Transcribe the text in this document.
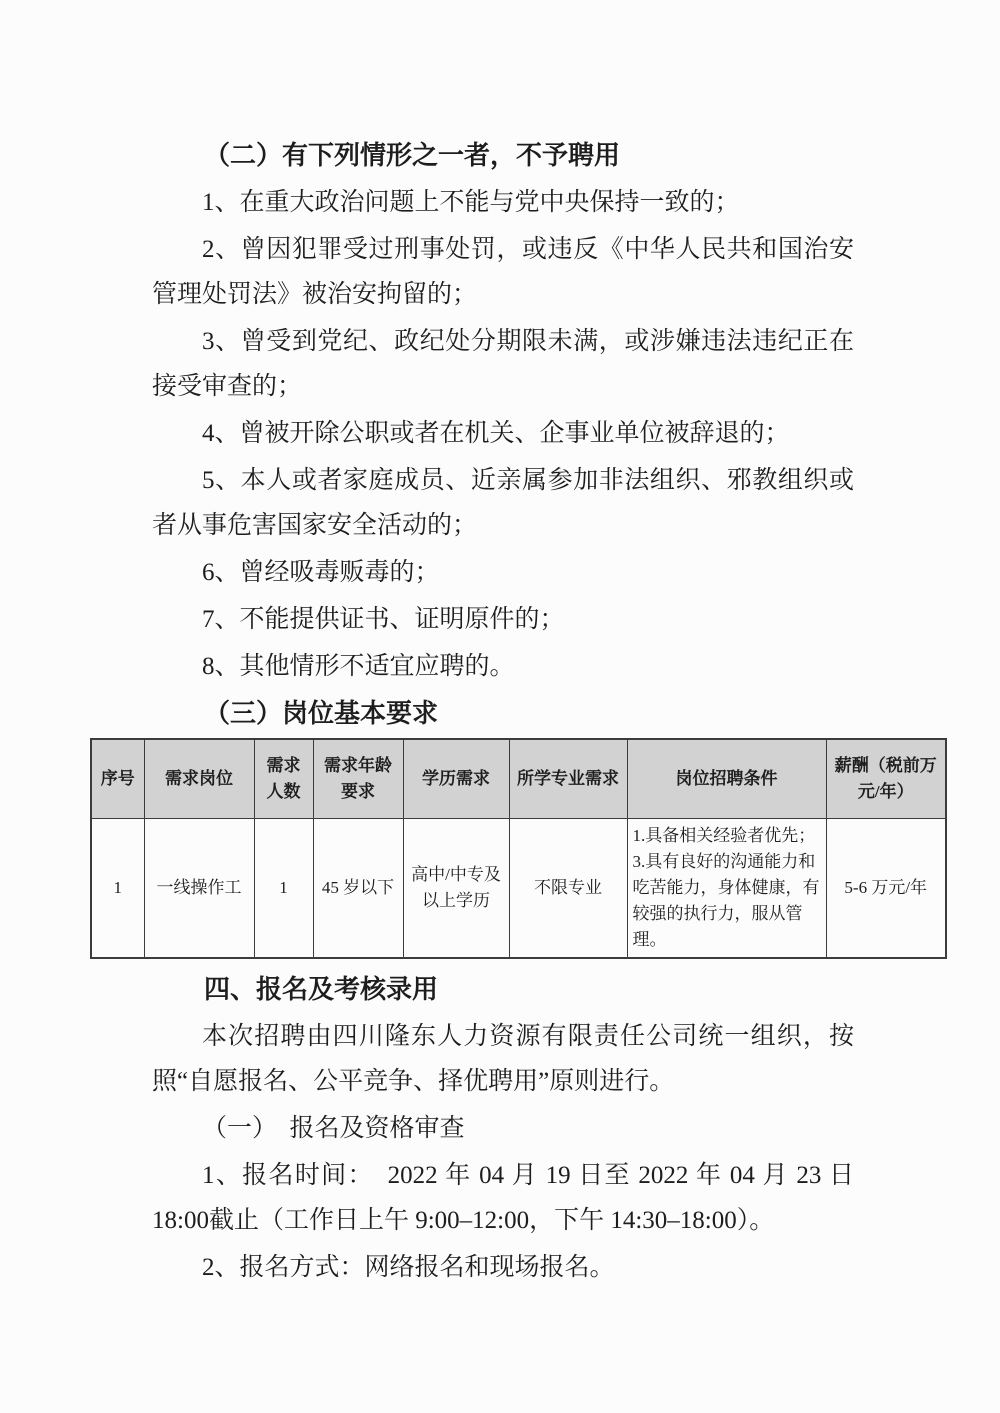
（二）有下列情形之一者，不予聘用

1、在重大政治问题上不能与党中央保持一致的；

2、曾因犯罪受过刑事处罚，或违反《中华人民共和国治安管理处罚法》被治安拘留的；

3、曾受到党纪、政纪处分期限未满，或涉嫌违法违纪正在接受审查的；

4、曾被开除公职或者在机关、企事业单位被辞退的；

5、本人或者家庭成员、近亲属参加非法组织、邪教组织或者从事危害国家安全活动的；

6、曾经吸毒贩毒的；

7、不能提供证书、证明原件的；

8、其他情形不适宜应聘的。

（三）岗位基本要求
序号	需求岗位	需求人数	需求年龄要求	学历需求	所学专业需求	岗位招聘条件	薪酬（税前万元/年）
1	一线操作工	1	45 岁以下	高中/中专及以上学历	不限专业	1.具备相关经验者优先；
3.具有良好的沟通能力和吃苦能力，身体健康，有较强的执行力，服从管理。	5-6 万元/年
四、报名及考核录用

本次招聘由四川隆东人力资源有限责任公司统一组织，按照“自愿报名、公平竞争、择优聘用”原则进行。

（一）　报名及资格审查

1、报名时间：　2022 年 04 月 19 日至 2022 年 04 月 23 日 18:00截止（工作日上午 9:00–12:00，下午 14:30–18:00）。

2、报名方式：网络报名和现场报名。
